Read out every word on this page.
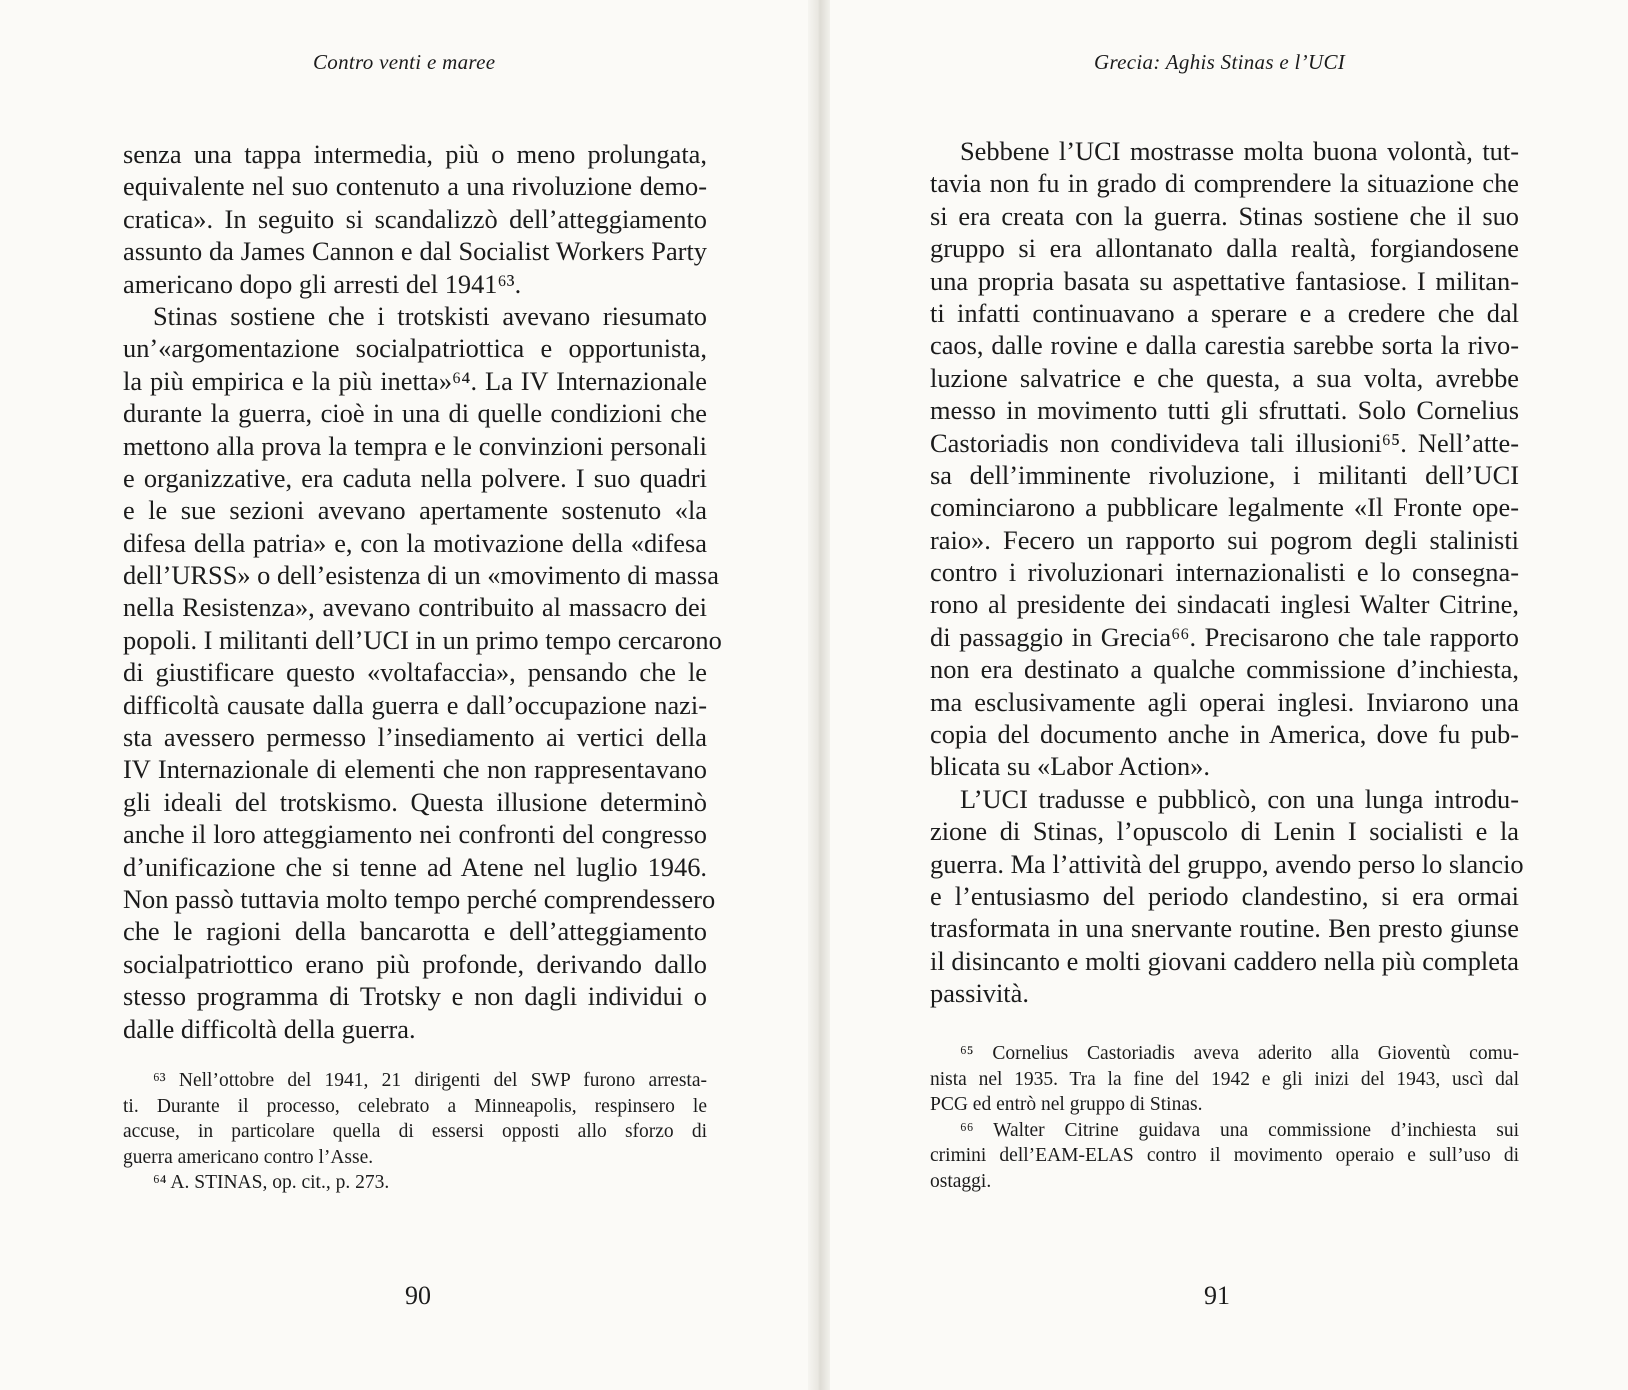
Contro venti e maree
senza una tappa intermedia, più o meno prolungata,
equivalente nel suo contenuto a una rivoluzione demo-
cratica». In seguito si scandalizzò dell’atteggiamento
assunto da James Cannon e dal Socialist Workers Party
americano dopo gli arresti del 1941⁶³.
Stinas sostiene che i trotskisti avevano riesumato
un’«argomentazione socialpatriottica e opportunista,
la più empirica e la più inetta»⁶⁴. La IV Internazionale
durante la guerra, cioè in una di quelle condizioni che
mettono alla prova la tempra e le convinzioni personali
e organizzative, era caduta nella polvere. I suo quadri
e le sue sezioni avevano apertamente sostenuto «la
difesa della patria» e, con la motivazione della «difesa
dell’URSS» o dell’esistenza di un «movimento di massa
nella Resistenza», avevano contribuito al massacro dei
popoli. I militanti dell’UCI in un primo tempo cercarono
di giustificare questo «voltafaccia», pensando che le
difficoltà causate dalla guerra e dall’occupazione nazi-
sta avessero permesso l’insediamento ai vertici della
IV Internazionale di elementi che non rappresentavano
gli ideali del trotskismo. Questa illusione determinò
anche il loro atteggiamento nei confronti del congresso
d’unificazione che si tenne ad Atene nel luglio 1946.
Non passò tuttavia molto tempo perché comprendessero
che le ragioni della bancarotta e dell’atteggiamento
socialpatriottico erano più profonde, derivando dallo
stesso programma di Trotsky e non dagli individui o
dalle difficoltà della guerra.
⁶³ Nell’ottobre del 1941, 21 dirigenti del SWP furono arresta-
ti. Durante il processo, celebrato a Minneapolis, respinsero le
accuse, in particolare quella di essersi opposti allo sforzo di
guerra americano contro l’Asse.
⁶⁴ A. STINAS, op. cit., p. 273.
90
Grecia: Aghis Stinas e l’UCI
Sebbene l’UCI mostrasse molta buona volontà, tut-
tavia non fu in grado di comprendere la situazione che
si era creata con la guerra. Stinas sostiene che il suo
gruppo si era allontanato dalla realtà, forgiandosene
una propria basata su aspettative fantasiose. I militan-
ti infatti continuavano a sperare e a credere che dal
caos, dalle rovine e dalla carestia sarebbe sorta la rivo-
luzione salvatrice e che questa, a sua volta, avrebbe
messo in movimento tutti gli sfruttati. Solo Cornelius
Castoriadis non condivideva tali illusioni⁶⁵. Nell’atte-
sa dell’imminente rivoluzione, i militanti dell’UCI
cominciarono a pubblicare legalmente «Il Fronte ope-
raio». Fecero un rapporto sui pogrom degli stalinisti
contro i rivoluzionari internazionalisti e lo consegna-
rono al presidente dei sindacati inglesi Walter Citrine,
di passaggio in Grecia⁶⁶. Precisarono che tale rapporto
non era destinato a qualche commissione d’inchiesta,
ma esclusivamente agli operai inglesi. Inviarono una
copia del documento anche in America, dove fu pub-
blicata su «Labor Action».
L’UCI tradusse e pubblicò, con una lunga introdu-
zione di Stinas, l’opuscolo di Lenin I socialisti e la
guerra. Ma l’attività del gruppo, avendo perso lo slancio
e l’entusiasmo del periodo clandestino, si era ormai
trasformata in una snervante routine. Ben presto giunse
il disincanto e molti giovani caddero nella più completa
passività.
⁶⁵ Cornelius Castoriadis aveva aderito alla Gioventù comu-
nista nel 1935. Tra la fine del 1942 e gli inizi del 1943, uscì dal
PCG ed entrò nel gruppo di Stinas.
⁶⁶ Walter Citrine guidava una commissione d’inchiesta sui
crimini dell’EAM-ELAS contro il movimento operaio e sull’uso di
ostaggi.
91
